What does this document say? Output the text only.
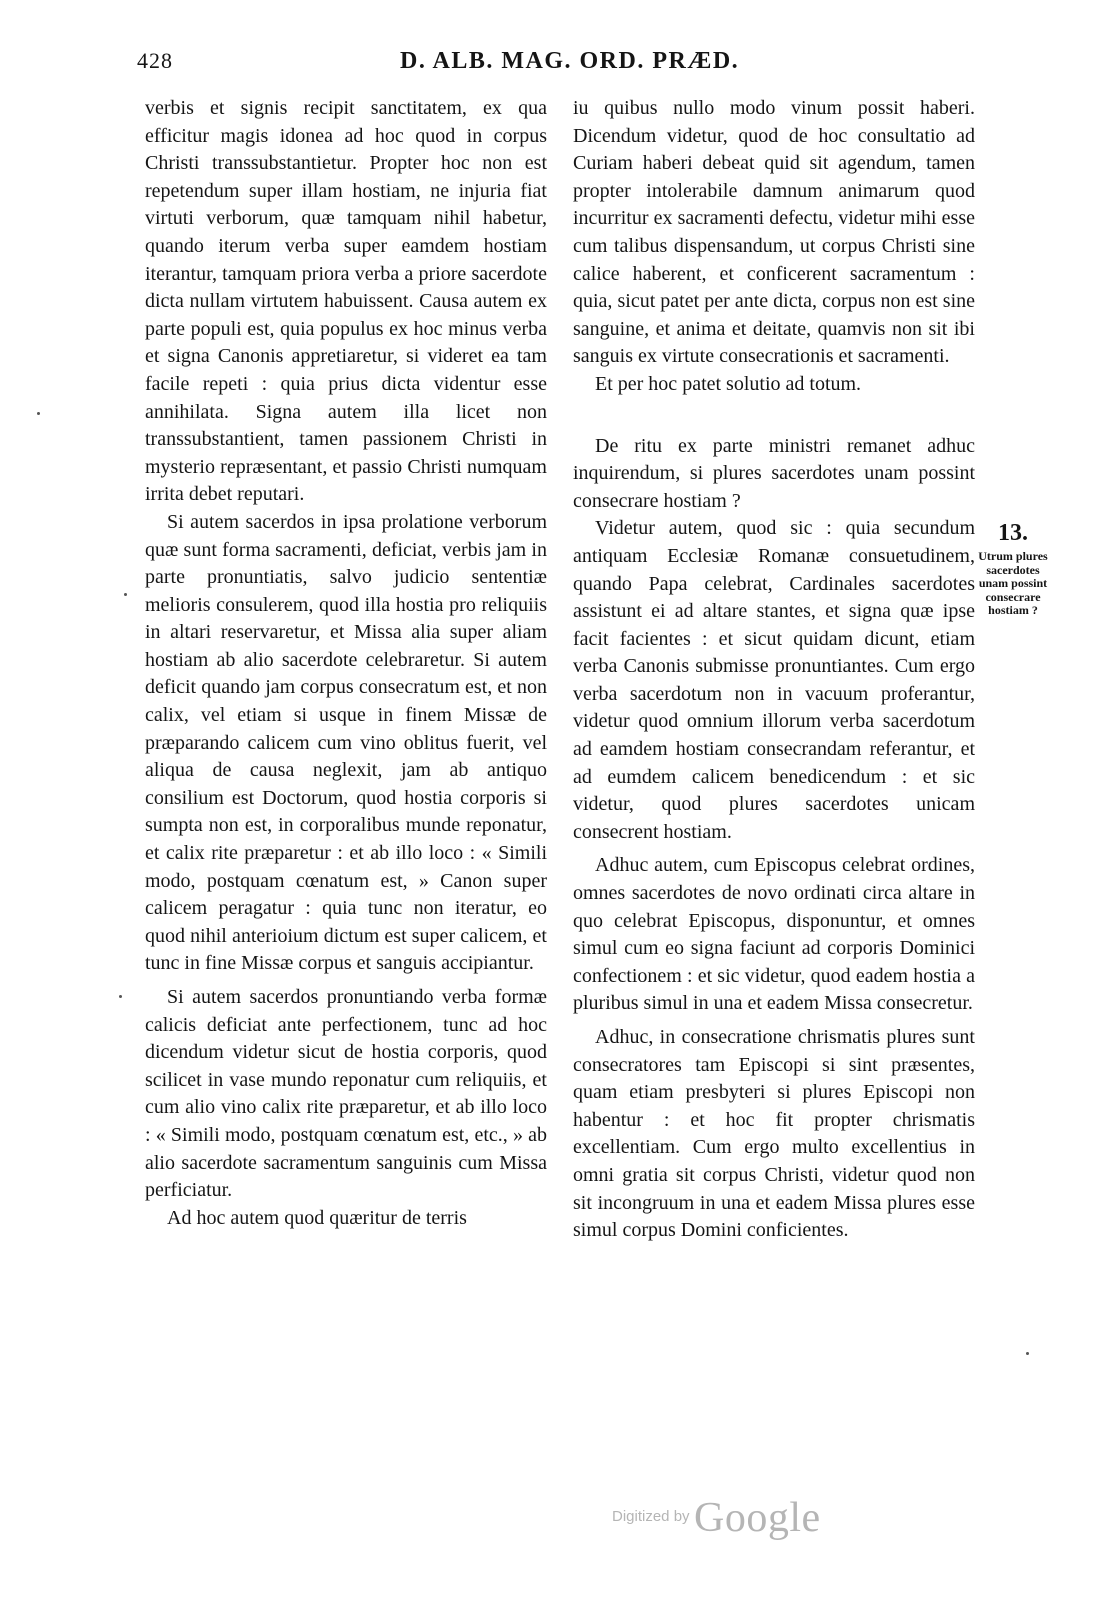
428	D. ALB. MAG. ORD. PRÆD.

verbis et signis recipit sanctitatem, ex qua efficitur magis idonea ad hoc quod in corpus Christi transsubstantietur. Propter hoc non est repetendum super illam hostiam, ne injuria fiat virtuti verborum, quæ tamquam nihil habetur, quando iterum verba super eamdem hostiam iterantur, tamquam priora verba a priore sacerdote dicta nullam virtutem habuissent. Causa autem ex parte populi est, quia populus ex hoc minus verba et signa Canonis appretiaretur, si videret ea tam facile repeti : quia prius dicta videntur esse annihilata. Signa autem illa licet non transsubstantient, tamen passionem Christi in mysterio repræsentant, et passio Christi numquam irrita debet reputari.

Si autem sacerdos in ipsa prolatione verborum quæ sunt forma sacramenti, deficiat, verbis jam in parte pronuntiatis, salvo judicio sententiæ melioris consulerem, quod illa hostia pro reliquiis in altari reservaretur, et Missa alia super aliam hostiam ab alio sacerdote celebraretur. Si autem deficit quando jam corpus consecratum est, et non calix, vel etiam si usque in finem Missæ de præparando calicem cum vino oblitus fuerit, vel aliqua de causa neglexit, jam ab antiquo consilium est Doctorum, quod hostia corporis si sumpta non est, in corporalibus munde reponatur, et calix rite præparetur : et ab illo loco : « Simili modo, postquam cœnatum est, » Canon super calicem peragatur : quia tunc non iteratur, eo quod nihil anterioium dictum est super calicem, et tunc in fine Missæ corpus et sanguis accipiantur.

Si autem sacerdos pronuntiando verba formæ calicis deficiat ante perfectionem, tunc ad hoc dicendum videtur sicut de hostia corporis, quod scilicet in vase mundo reponatur cum reliquiis, et cum alio vino calix rite præparetur, et ab illo loco : « Simili modo, postquam cœnatum est, etc., » ab alio sacerdote sacramentum sanguinis cum Missa perficiatur.

Ad hoc autem quod quæritur de terris

iu quibus nullo modo vinum possit haberi. Dicendum videtur, quod de hoc consultatio ad Curiam haberi debeat quid sit agendum, tamen propter intolerabile damnum animarum quod incurritur ex sacramenti defectu, videtur mihi esse cum talibus dispensandum, ut corpus Christi sine calice haberent, et conficerent sacramentum : quia, sicut patet per ante dicta, corpus non est sine sanguine, et anima et deitate, quamvis non sit ibi sanguis ex virtute consecrationis et sacramenti.

Et per hoc patet solutio ad totum.

De ritu ex parte ministri remanet adhuc inquirendum, si plures sacerdotes unam possint consecrare hostiam ?

Videtur autem, quod sic : quia secundum antiquam Ecclesiæ Romanæ consuetudinem, quando Papa celebrat, Cardinales sacerdotes assistunt ei ad altare stantes, et signa quæ ipse facit facientes : et sicut quidam dicunt, etiam verba Canonis submisse pronuntiantes. Cum ergo verba sacerdotum non in vacuum proferantur, videtur quod omnium illorum verba sacerdotum ad eamdem hostiam consecrandam referantur, et ad eumdem calicem benedicendum : et sic videtur, quod plures sacerdotes unicam consecrent hostiam.

Adhuc autem, cum Episcopus celebrat ordines, omnes sacerdotes de novo ordinati circa altare in quo celebrat Episcopus, disponuntur, et omnes simul cum eo signa faciunt ad corporis Dominici confectionem : et sic videtur, quod eadem hostia a pluribus simul in una et eadem Missa consecretur.

Adhuc, in consecratione chrismatis plures sunt consecratores tam Episcopi si sint præsentes, quam etiam presbyteri si plures Episcopi non habentur : et hoc fit propter chrismatis excellentiam. Cum ergo multo excellentius in omni gratia sit corpus Christi, videtur quod non sit incongruum in una et eadem Missa plures esse simul corpus Domini conficientes.

13.
Utrum plures sacerdotes unam possint consecrare hostiam ?
Digitized by Google
